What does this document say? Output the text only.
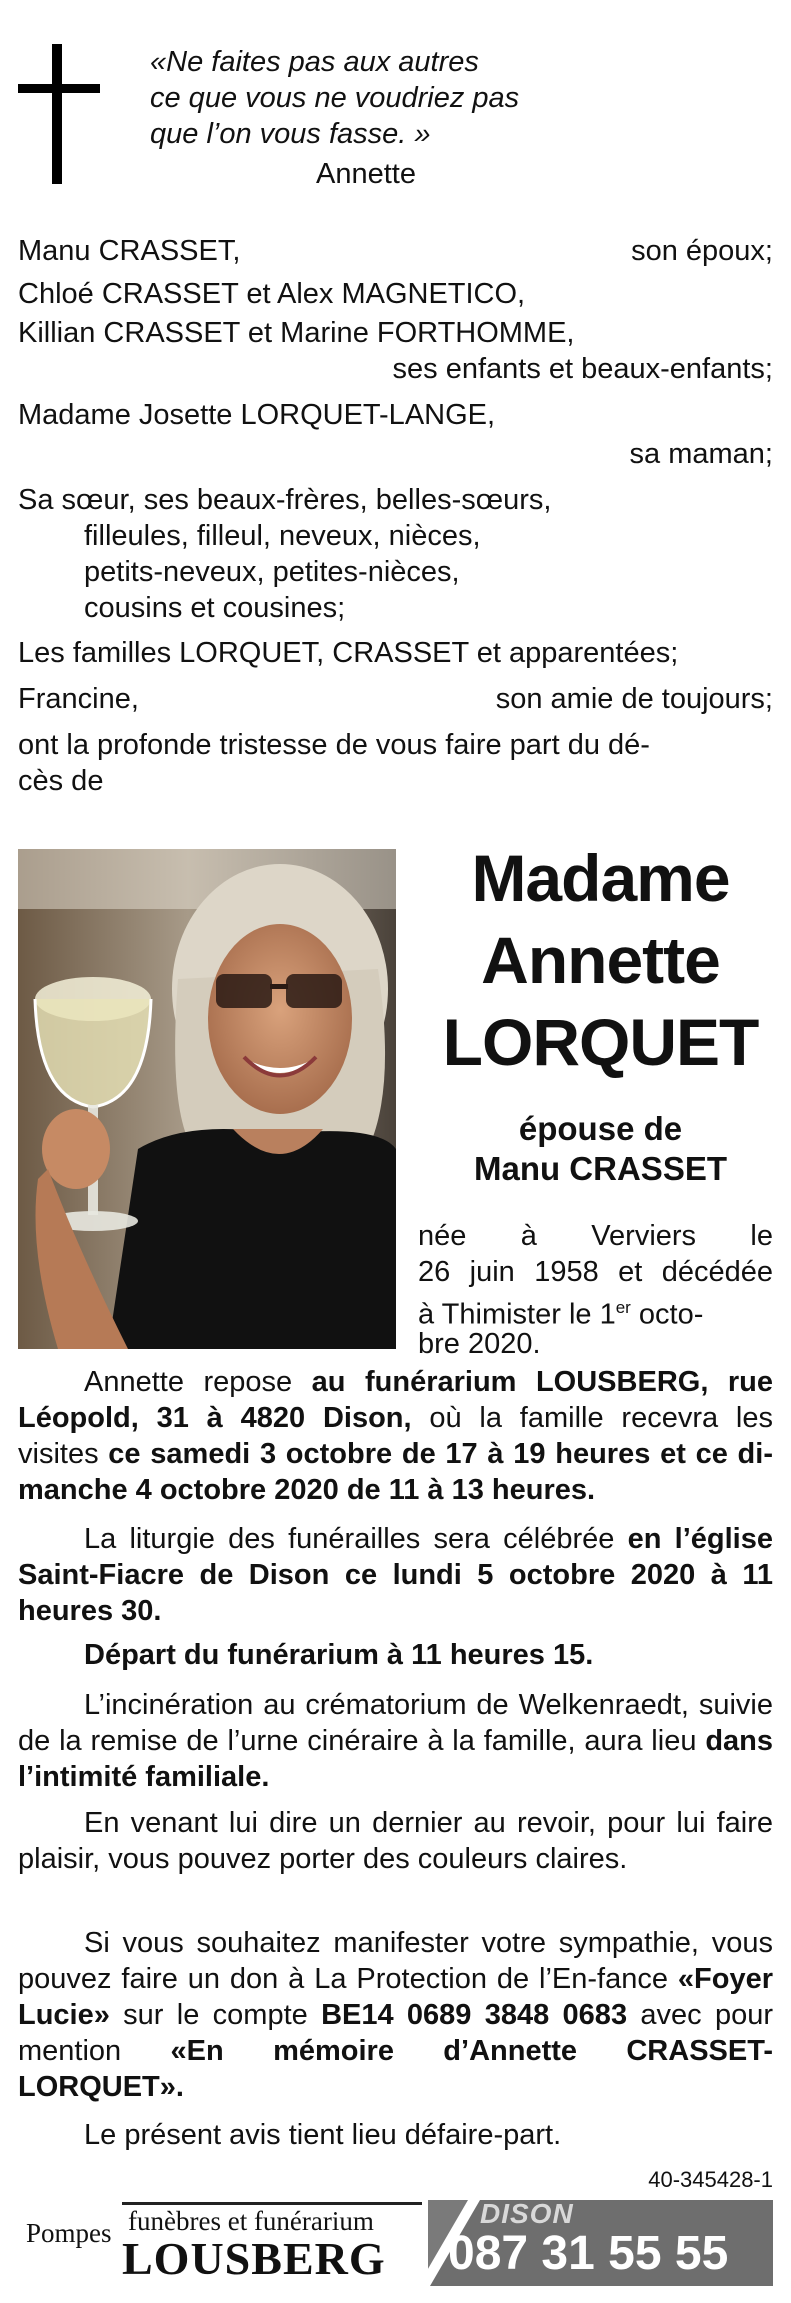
«Ne faites pas aux autres
ce que vous ne voudriez pas
que l’on vous fasse. »
Annette
Manu CRASSET,	son époux;
Chloé CRASSET et Alex MAGNETICO,
Killian CRASSET et Marine FORTHOMME,
ses enfants et beaux-enfants;
Madame Josette LORQUET-LANGE,
sa maman;
Sa sœur, ses beaux-frères, belles-sœurs,
filleules, filleul, neveux, nièces,
petits-neveux, petites-nièces,
cousins et cousines;
Les familles LORQUET, CRASSET et apparentées;
Francine,	son amie de toujours;
ont la profonde tristesse de vous faire part du dé-
cès de
Madame
Annette
LORQUET
épouse de
Manu CRASSET
née à Verviers le
26 juin 1958 et décédée
à Thimister le 1er octo-
bre 2020.
Annette repose au funérarium LOUSBERG, rue Léopold, 31 à 4820 Dison, où la famille recevra les visites ce samedi 3 octobre de 17 à 19 heures et ce di-manche 4 octobre 2020 de 11 à 13 heures.
La liturgie des funérailles sera célébrée en l’église Saint-Fiacre de Dison ce lundi 5 octobre 2020 à 11 heures 30.
Départ du funérarium à 11 heures 15.
L’incinération au crématorium de Welkenraedt, suivie de la remise de l’urne cinéraire à la famille, aura lieu dans l’intimité familiale.
En venant lui dire un dernier au revoir, pour lui faire plaisir, vous pouvez porter des couleurs claires.
Si vous souhaitez manifester votre sympathie, vous pouvez faire un don à La Protection de l’En-fance «Foyer Lucie» sur le compte BE14 0689 3848 0683 avec pour mention «En mémoire d’Annette CRASSET-LORQUET».
Le présent avis tient lieu défaire-part.
40-345428-1
Pompes funèbres et funérarium
LOUSBERG
DISON
087 31 55 55
